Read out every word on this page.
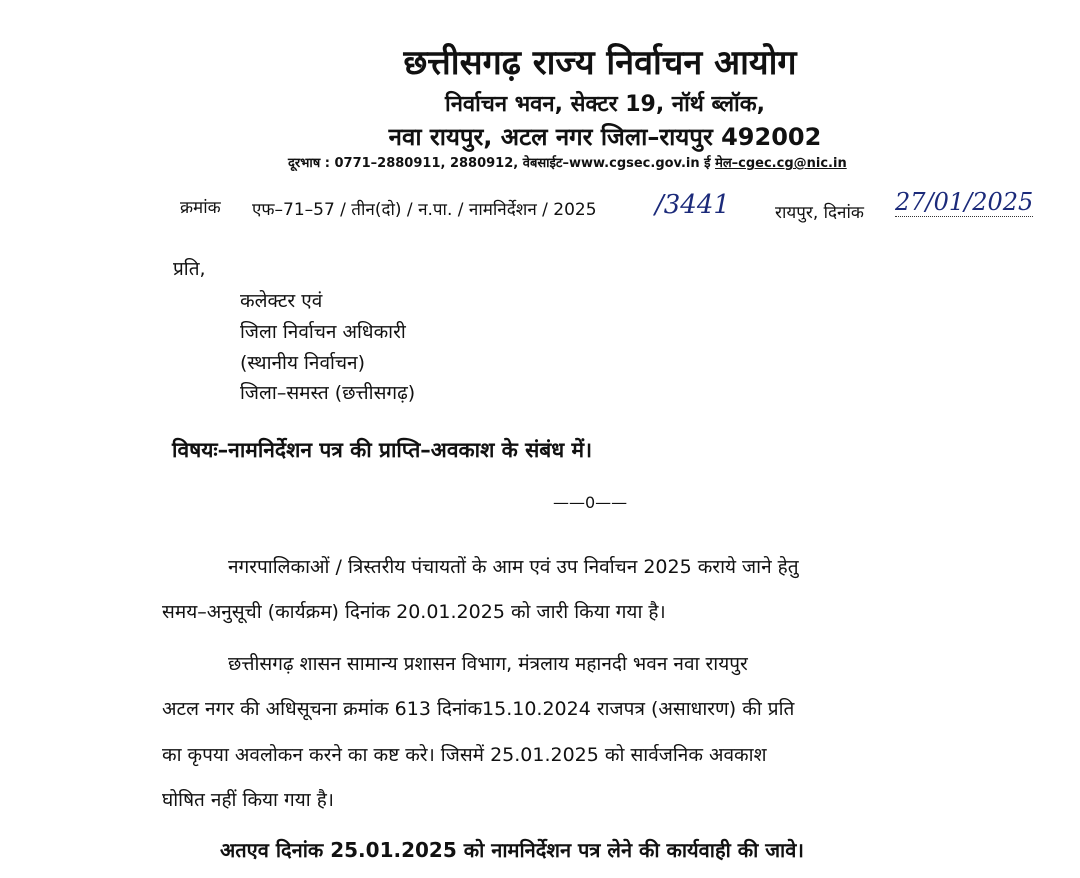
छत्तीसगढ़ राज्य निर्वाचन आयोग
निर्वाचन भवन, सेक्टर 19, नॉर्थ ब्लॉक,
नवा रायपुर, अटल नगर जिला–रायपुर 492002
दूरभाष : 0771–2880911, 2880912, वेबसाईट–www.cgsec.gov.in ई मेल–cgec.cg@nic.in
क्रमांक एफ–71–57 / तीन(दो) / न.पा. / नामनिर्देशन / 2025 /3441	रायपुर, दिनांक 27/01/2025
प्रति,
कलेक्टर एवं
जिला निर्वाचन अधिकारी
(स्थानीय निर्वाचन)
जिला–समस्त (छत्तीसगढ़)
विषयः–नामनिर्देशन पत्र की प्राप्ति–अवकाश के संबंध में।
——0——
नगरपालिकाओं / त्रिस्तरीय पंचायतों के आम एवं उप निर्वाचन 2025 कराये जाने हेतु
समय–अनुसूची (कार्यक्रम) दिनांक 20.01.2025 को जारी किया गया है।
छत्तीसगढ़ शासन सामान्य प्रशासन विभाग, मंत्रलाय महानदी भवन नवा रायपुर
अटल नगर की अधिसूचना क्रमांक 613 दिनांक15.10.2024 राजपत्र (असाधारण) की प्रति
का कृपया अवलोकन करने का कष्ट करे। जिसमें 25.01.2025 को सार्वजनिक अवकाश
घोषित नहीं किया गया है।
अतएव दिनांक 25.01.2025 को नामनिर्देशन पत्र लेने की कार्यवाही की जावे।
